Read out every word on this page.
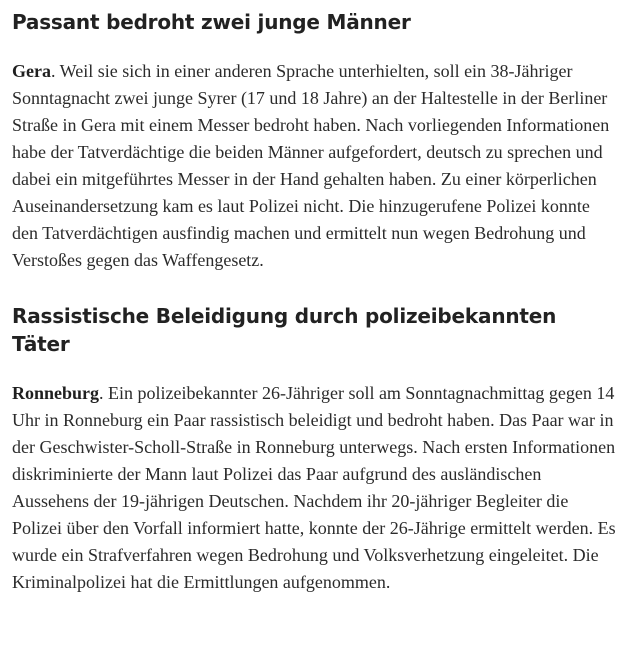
Passant bedroht zwei junge Männer

Gera. Weil sie sich in einer anderen Sprache unterhielten, soll ein 38-Jähriger Sonntagnacht zwei junge Syrer (17 und 18 Jahre) an der Haltestelle in der Berliner Straße in Gera mit einem Messer bedroht haben. Nach vorliegenden Informationen habe der Tatverdächtige die beiden Männer aufgefordert, deutsch zu sprechen und dabei ein mitgeführtes Messer in der Hand gehalten haben. Zu einer körperlichen Auseinandersetzung kam es laut Polizei nicht. Die hinzugerufene Polizei konnte den Tatverdächtigen ausfindig machen und ermittelt nun wegen Bedrohung und Verstoßes gegen das Waffengesetz.

Rassistische Beleidigung durch polizeibekannten Täter

Ronneburg. Ein polizeibekannter 26-Jähriger soll am Sonntagnachmittag gegen 14 Uhr in Ronneburg ein Paar rassistisch beleidigt und bedroht haben. Das Paar war in der Geschwister-Scholl-Straße in Ronneburg unterwegs. Nach ersten Informationen diskriminierte der Mann laut Polizei das Paar aufgrund des ausländischen Aussehens der 19-jährigen Deutschen. Nachdem ihr 20-jähriger Begleiter die Polizei über den Vorfall informiert hatte, konnte der 26-Jährige ermittelt werden. Es wurde ein Strafverfahren wegen Bedrohung und Volksverhetzung eingeleitet. Die Kriminalpolizei hat die Ermittlungen aufgenommen.
